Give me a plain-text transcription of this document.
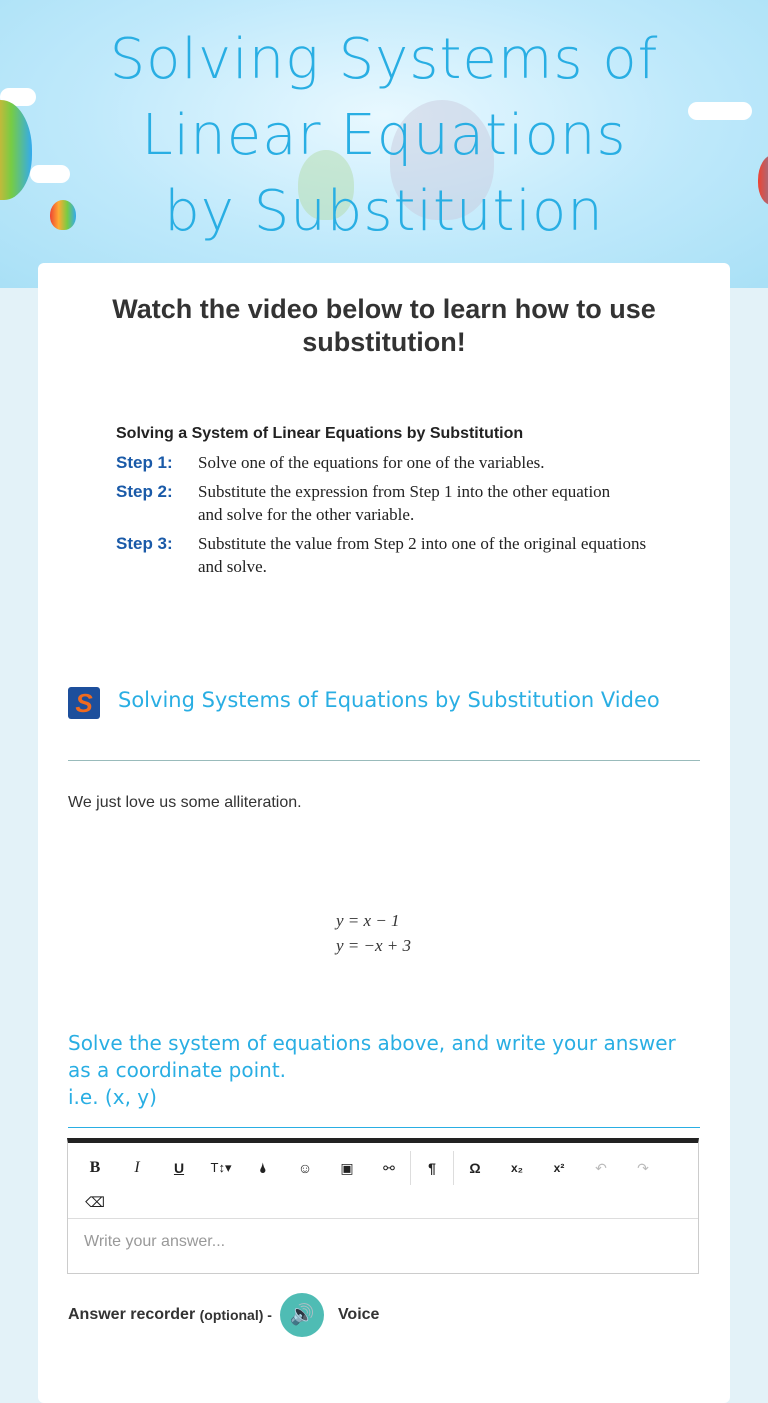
Solving Systems of Linear Equations by Substitution
Watch the video below to learn how to use substitution!
Solving a System of Linear Equations by Substitution
Step 1:	Solve one of the equations for one of the variables.
Step 2:	Substitute the expression from Step 1 into the other equation and solve for the other variable.
Step 3:	Substitute the value from Step 2 into one of the original equations and solve.
S	Solving Systems of Equations by Substitution Video
We just love us some alliteration.
y = x − 1
y = −x + 3
Solve the system of equations above, and write your answer as a coordinate point.
i.e. (x, y)
B	I	U	T↕▾	🌢	☺	▣	⚯	¶	Ω	x₂	x²	↶	↷
⌫
Write your answer...
Answer recorder
(optional) - 🔊	Voice
